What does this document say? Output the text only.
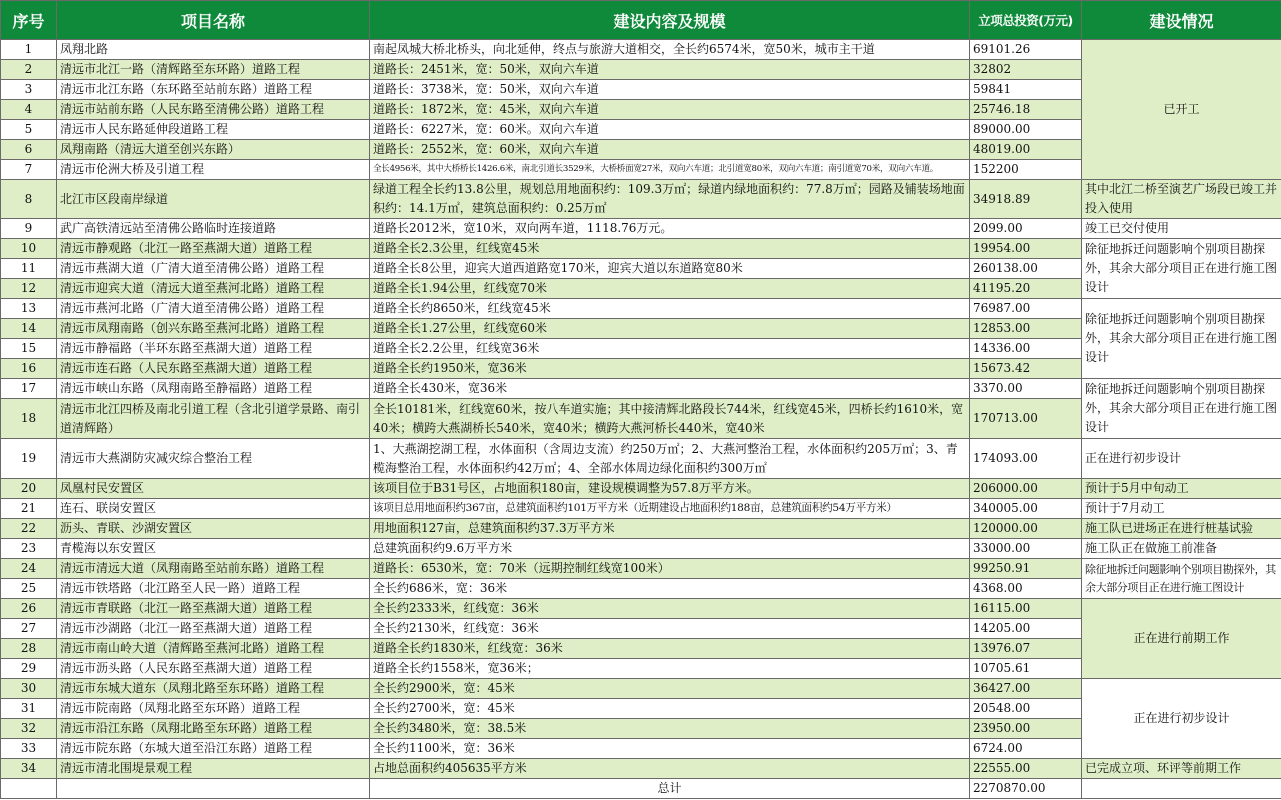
序号	项目名称	建设内容及规模	立项总投资(万元)	建设情况
1	凤翔北路	南起凤城大桥北桥头，向北延伸，终点与旅游大道相交，全长约6574米，宽50米，城市主干道	69101.26	已开工
2	清远市北江一路（清辉路至东环路）道路工程	道路长：2451米，宽：50米，双向六车道	32802	
3	清远市北江东路（东环路至站前东路）道路工程	道路长：3738米，宽：50米，双向六车道	59841	
4	清远市站前东路（人民东路至清佛公路）道路工程	道路长：1872米，宽：45米，双向六车道	25746.18	
5	清远市人民东路延伸段道路工程	道路长：6227米，宽：60米。双向六车道	89000.00	
6	凤翔南路（清远大道至创兴东路）	道路长：2552米，宽：60米，双向六车道	48019.00	
7	清远市伦洲大桥及引道工程	全长4956米，其中大桥桥长1426.6米，南北引道长3529米，大桥桥面宽27米，双向六车道；北引道宽80米，双向六车道；南引道宽70米，双向六车道。	152200	
8	北江市区段南岸绿道	绿道工程全长约13.8公里，规划总用地面积约：109.3万㎡；绿道内绿地面积约：77.8万㎡；园路及铺装场地面积约：14.1万㎡，建筑总面积约：0.25万㎡	34918.89	其中北江二桥至演艺广场段已竣工并投入使用
9	武广高铁清远站至清佛公路临时连接道路	道路长2012米，宽10米，双向两车道，1118.76万元。	2099.00	竣工已交付使用
10	清远市静观路（北江一路至燕湖大道）道路工程	道路全长2.3公里，红线宽45米	19954.00	除征地拆迁问题影响个别项目勘探外，其余大部分项目正在进行施工图设计
11	清远市燕湖大道（广清大道至清佛公路）道路工程	道路全长8公里，迎宾大道西道路宽170米，迎宾大道以东道路宽80米	260138.00	
12	清远市迎宾大道（清远大道至燕河北路）道路工程	道路全长1.94公里，红线宽70米	41195.20	
13	清远市燕河北路（广清大道至清佛公路）道路工程	道路全长约8650米，红线宽45米	76987.00	除征地拆迁问题影响个别项目勘探外，其余大部分项目正在进行施工图设计
14	清远市凤翔南路（创兴东路至燕河北路）道路工程	道路全长1.27公里，红线宽60米	12853.00	
15	清远市静福路（半环东路至燕湖大道）道路工程	道路全长2.2公里，红线宽36米	14336.00	
16	清远市连石路（人民东路至燕湖大道）道路工程	道路全长约1950米，宽36米	15673.42	
17	清远市峡山东路（凤翔南路至静福路）道路工程	道路全长430米，宽36米	3370.00	除征地拆迁问题影响个别项目勘探外，其余大部分项目正在进行施工图设计
18	清远市北江四桥及南北引道工程（含北引道学景路、南引道清辉路）	全长10181米，红线宽60米，按八车道实施；其中接清辉北路段长744米，红线宽45米，四桥长约1610米，宽40米；横跨大燕湖桥长540米，宽40米；横跨大燕河桥长440米，宽40米	170713.00	
19	清远市大燕湖防灾减灾综合整治工程	1、大燕湖挖湖工程，水体面积（含周边支流）约250万㎡；2、大燕河整治工程，水体面积约205万㎡；3、青榄海整治工程，水体面积约42万㎡；4、全部水体周边绿化面积约300万㎡	174093.00	正在进行初步设计
20	凤凰村民安置区	该项目位于B31号区，占地面积180亩，建设规模调整为57.8万平方米。	206000.00	预计于5月中旬动工
21	连石、联岗安置区	该项目总用地面积约367亩，总建筑面积约101万平方米（近期建设占地面积约188亩，总建筑面积约54万平方米）	340005.00	预计于7月动工
22	沥头、青联、沙湖安置区	用地面积127亩，总建筑面积约37.3万平方米	120000.00	施工队已进场正在进行桩基试验
23	青榄海以东安置区	总建筑面积约9.6万平方米	33000.00	施工队正在做施工前准备
24	清远市清远大道（凤翔南路至站前东路）道路工程	道路长：6530米，宽：70米（远期控制红线宽100米）	99250.91	除征地拆迁问题影响个别项目勘探外，其余大部分项目正在进行施工图设计
25	清远市铁塔路（北江路至人民一路）道路工程	全长约686米，宽：36米	4368.00	
26	清远市青联路（北江一路至燕湖大道）道路工程	全长约2333米，红线宽：36米	16115.00	正在进行前期工作
27	清远市沙湖路（北江一路至燕湖大道）道路工程	全长约2130米，红线宽：36米	14205.00	
28	清远市南山岭大道（清辉路至燕河北路）道路工程	道路全长约1830米，红线宽：36米	13976.07	
29	清远市沥头路（人民东路至燕湖大道）道路工程	道路全长约1558米，宽36米；	10705.61	
30	清远市东城大道东（凤翔北路至东环路）道路工程	全长约2900米，宽：45米	36427.00	正在进行初步设计
31	清远市院南路（凤翔北路至东环路）道路工程	全长约2700米，宽：45米	20548.00	
32	清远市沿江东路（凤翔北路至东环路）道路工程	全长约3480米，宽：38.5米	23950.00	
33	清远市院东路（东城大道至沿江东路）道路工程	全长约1100米，宽：36米	6724.00	
34	清远市清北围堤景观工程	占地总面积约405635平方米	22555.00	已完成立项、环评等前期工作
		总计	2270870.00	
